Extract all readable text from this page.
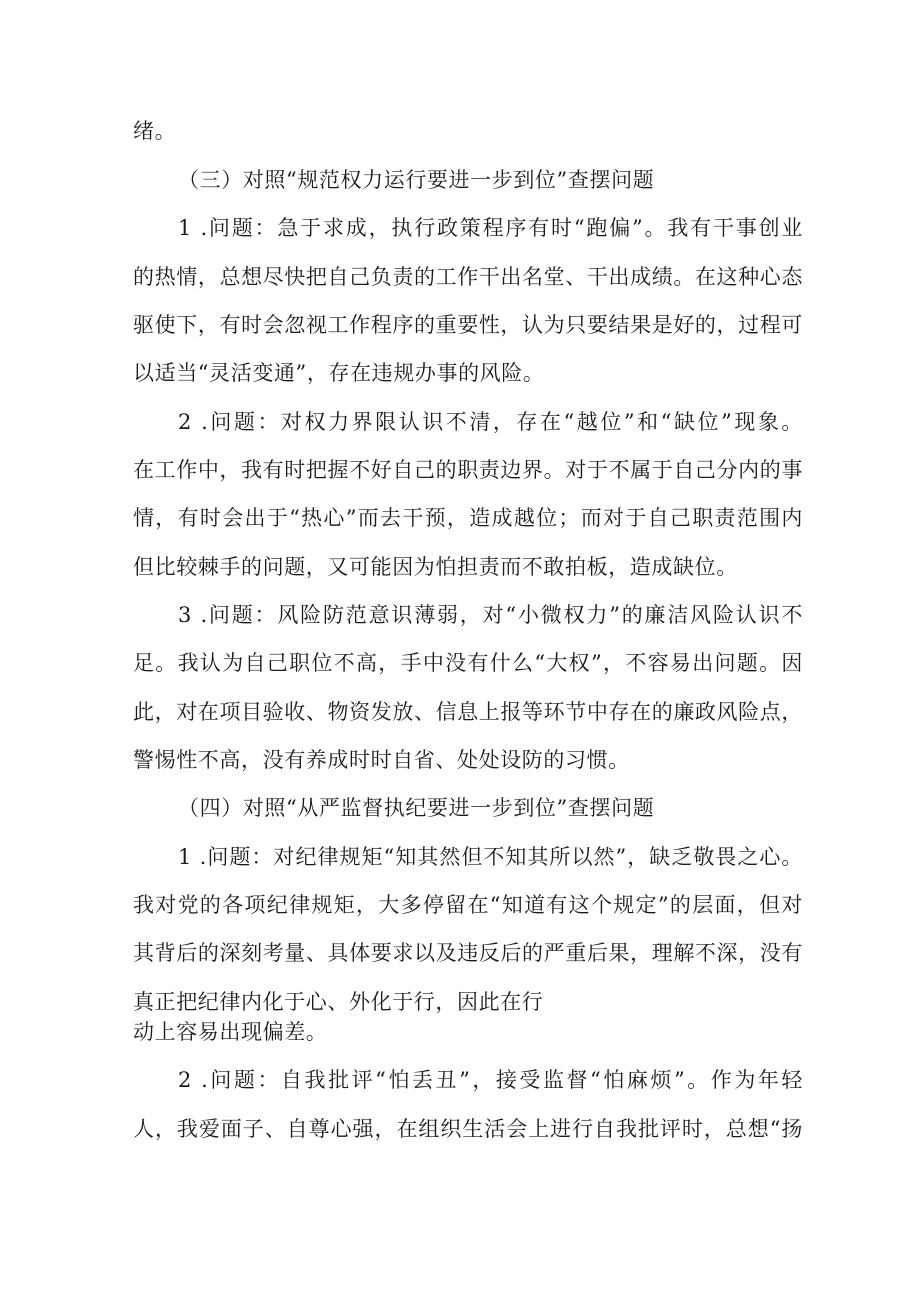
绪。
（三）对照“规范权力运行要进一步到位”查摆问题
1 .问题：急于求成，执行政策程序有时“跑偏”。我有干事创业
的热情，总想尽快把自己负责的工作干出名堂、干出成绩。在这种心态
驱使下，有时会忽视工作程序的重要性，认为只要结果是好的，过程可
以适当“灵活变通”，存在违规办事的风险。
2 .问题：对权力界限认识不清，存在“越位”和“缺位”现象。
在工作中，我有时把握不好自己的职责边界。对于不属于自己分内的事
情，有时会出于“热心”而去干预，造成越位；而对于自己职责范围内
但比较棘手的问题，又可能因为怕担责而不敢拍板，造成缺位。
3 .问题：风险防范意识薄弱，对“小微权力”的廉洁风险认识不
足。我认为自己职位不高，手中没有什么“大权”，不容易出问题。因
此，对在项目验收、物资发放、信息上报等环节中存在的廉政风险点，
警惕性不高，没有养成时时自省、处处设防的习惯。
（四）对照“从严监督执纪要进一步到位”查摆问题
1 .问题：对纪律规矩“知其然但不知其所以然”，缺乏敬畏之心。
我对党的各项纪律规矩，大多停留在“知道有这个规定”的层面，但对
其背后的深刻考量、具体要求以及违反后的严重后果，理解不深，没有
真正把纪律内化于心、外化于行，因此在行
动上容易出现偏差。
2 .问题：自我批评“怕丢丑”，接受监督“怕麻烦”。作为年轻
人，我爱面子、自尊心强，在组织生活会上进行自我批评时，总想“扬
